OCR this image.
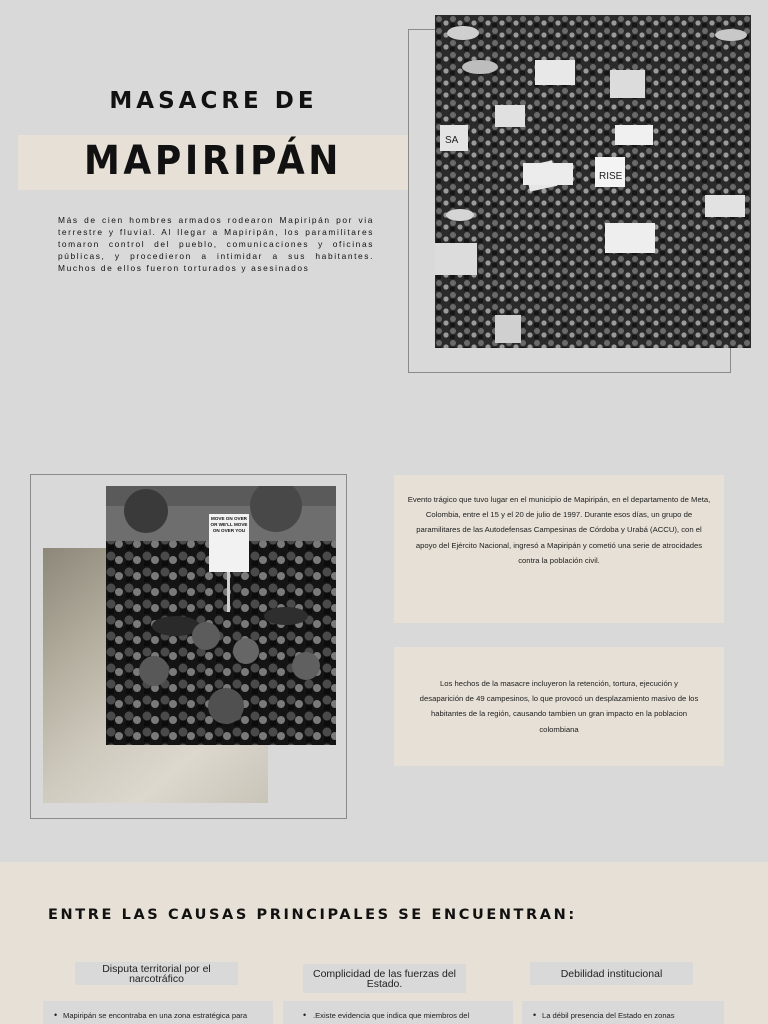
MASACRE DE
MAPIRIPÁN

Más de cien hombres armados rodearon Mapiripán por via terrestre y fluvial. Al llegar a Mapiripán, los paramilitares tomaron control del pueblo, comunicaciones y oficinas públicas, y procedieron a intimidar a sus habitantes. Muchos de ellos fueron torturados y asesinados

RISE
SA
MOVE ON OVER OR WE'LL MOVE ON OVER YOU

Evento trágico que tuvo lugar en el municipio de Mapiripán, en el departamento de Meta, Colombia, entre el 15 y el 20 de julio de 1997. Durante esos días, un grupo de paramilitares de las Autodefensas Campesinas de Córdoba y Urabá (ACCU), con el apoyo del Ejército Nacional, ingresó a Mapiripán y cometió una serie de atrocidades contra la población civil.

Los hechos de la masacre incluyeron la retención, tortura, ejecución y desaparición de 49 campesinos, lo que provocó un desplazamiento masivo de los habitantes de la región, causando tambien un gran impacto en la poblacion colombiana

ENTRE LAS CAUSAS PRINCIPALES SE ENCUENTRAN:
Disputa territorial por el narcotráfico	Complicidad de las fuerzas del Estado.
Debilidad institucional
• Mapiripán se encontraba en una zona estratégica para	• .Existe evidencia que indica que miembros del	• La débil presencia del Estado en zonas
